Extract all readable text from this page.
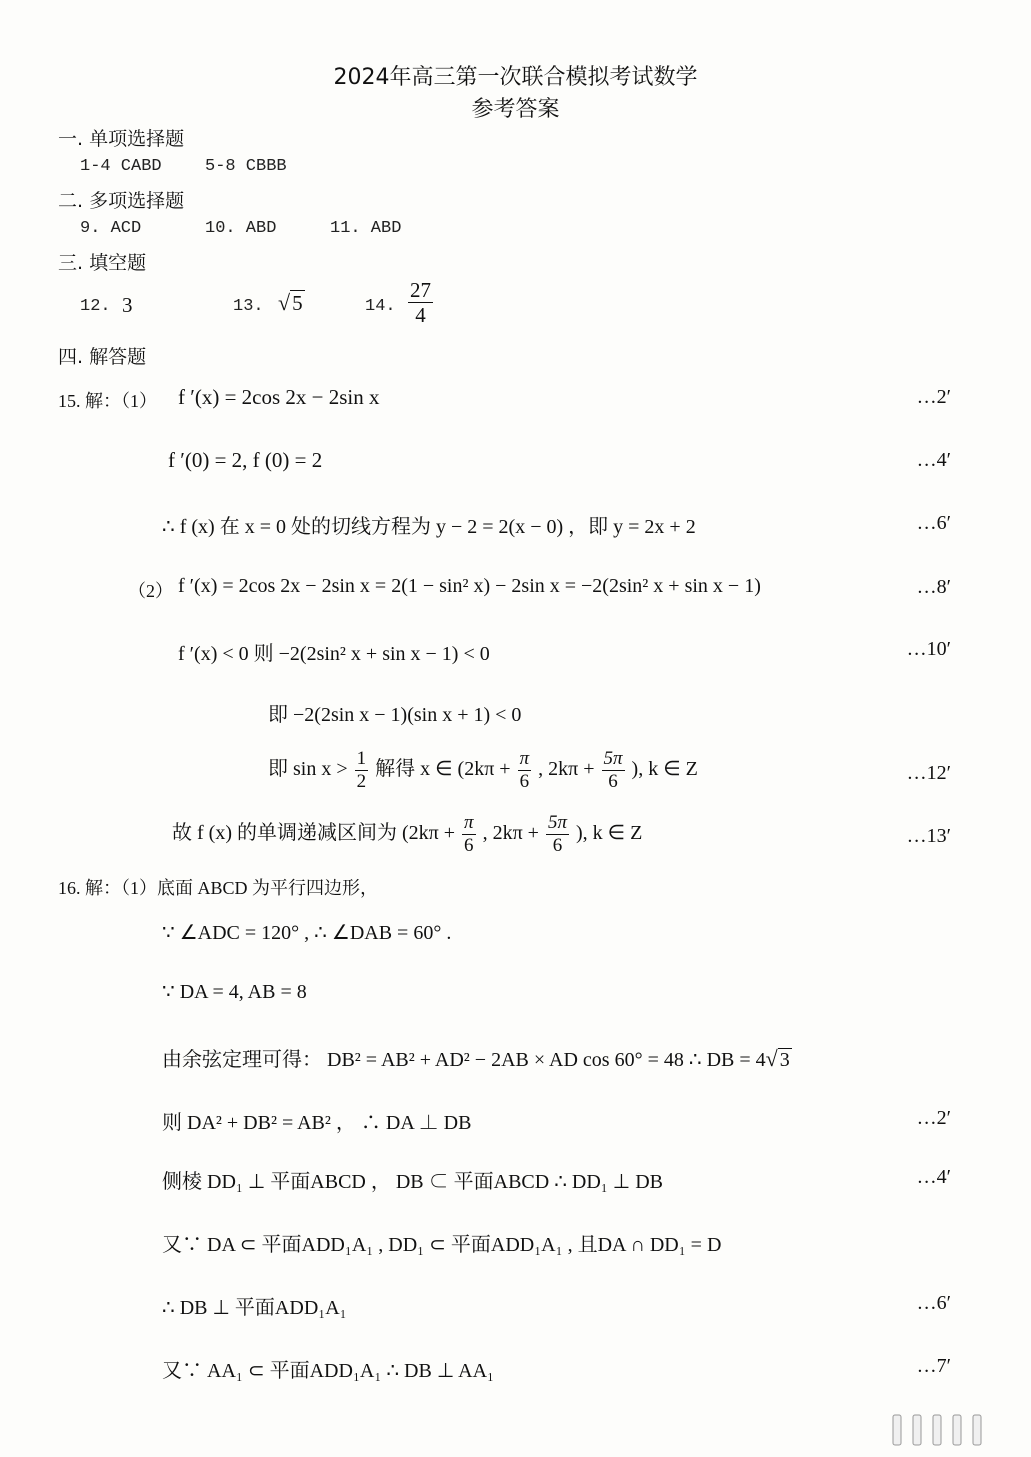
2024年高三第一次联合模拟考试数学
参考答案
一. 单项选择题
1-4 CABD	5-8 CBBB
二. 多项选择题
9. ACD	10. ABD	11. ABD
三. 填空题
12. 3	13. √5	14. $\frac{27}{4}$
四. 解答题
15. 解：（1） f ′(x) = 2cos 2x − 2sin x	…2′
f ′(0) = 2, f (0) = 2	…4′
∴ f (x) 在 x = 0 处的切线方程为 y − 2 = 2(x − 0) ，即 y = 2x + 2	…6′
（2） f ′(x) = 2cos 2x − 2sin x = 2(1 − sin² x) − 2sin x = −2(2sin² x + sin x − 1)	…8′
f ′(x) < 0 则 −2(2sin² x + sin x − 1) < 0	…10′
即 −2(2sin x − 1)(sin x + 1) < 0
即 $\sin x > \frac{1}{2}$ 解得 x ∈ ($2k\pi + \frac{\pi}{6}$ , $2k\pi + \frac{5\pi}{6}$ ), k ∈ Z	…12′
故 f (x) 的单调递减区间为 ($2k\pi + \frac{\pi}{6}$ , $2k\pi + \frac{5\pi}{6}$ ), k ∈ Z	…13′
16. 解：（1）底面 ABCD 为平行四边形，
∵ ∠ADC = 120° , ∴ ∠DAB = 60° .
∵ DA = 4, AB = 8
由余弦定理可得： DB² = AB² + AD² − 2AB × AD cos 60° = 48 ∴ DB = 4√ 3
则 DA² + DB² = AB² ， ∴ DA ⊥ DB	…2′
侧棱 DD₁ ⊥ 平面ABCD ， DB ⊂ 平面ABCD ∴ DD₁ ⊥ DB	…4′
又∵ DA ⊂ 平面ADD₁A₁ , DD₁ ⊂ 平面ADD₁A₁ , 且DA ∩ DD₁ = D
∴ DB ⊥ 平面ADD₁A₁	…6′
又∵ AA₁ ⊂ 平面ADD₁A₁ ∴ DB ⊥ AA₁	…7′
